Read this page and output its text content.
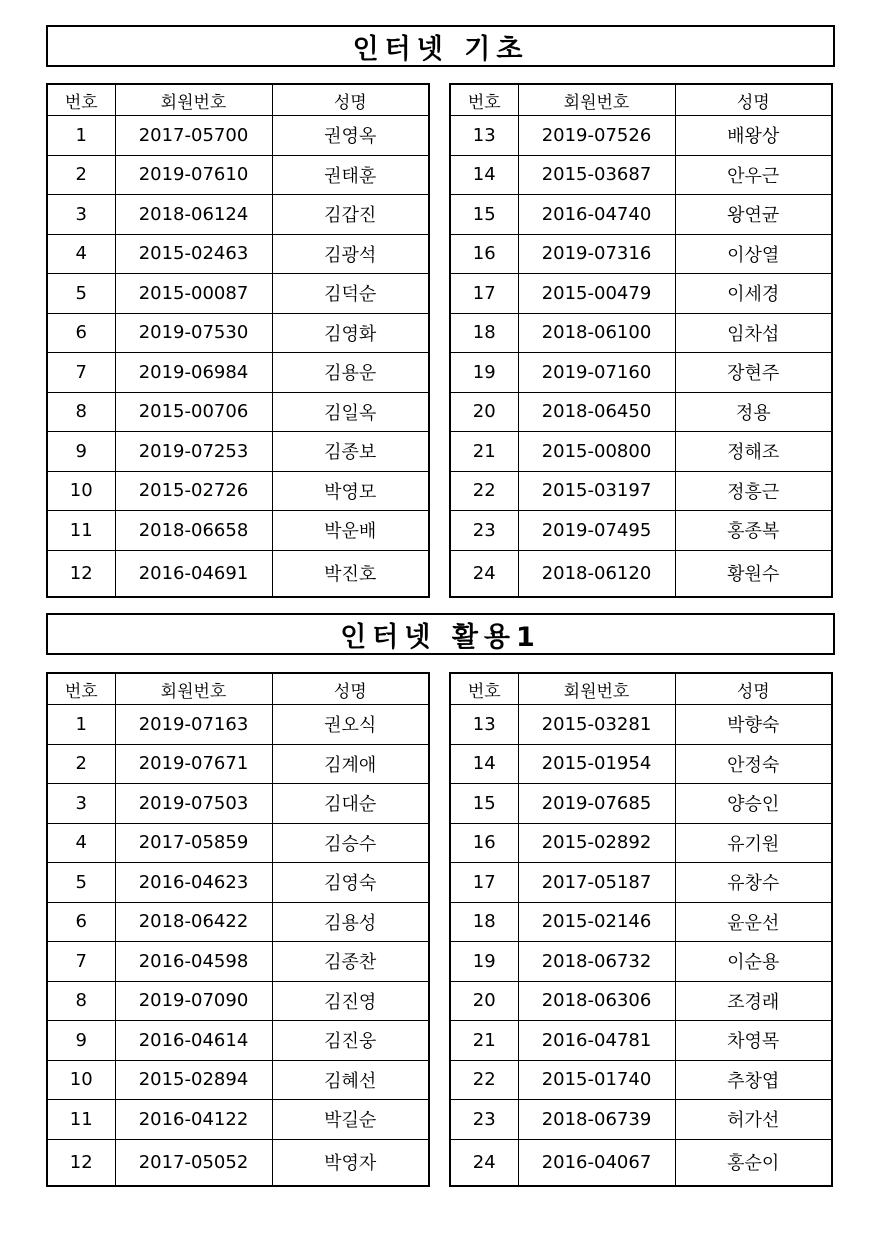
인터넷 기초
번호	회원번호	성명
1	2017-05700	권영옥
2	2019-07610	권태훈
3	2018-06124	김갑진
4	2015-02463	김광석
5	2015-00087	김덕순
6	2019-07530	김영화
7	2019-06984	김용운
8	2015-00706	김일옥
9	2019-07253	김종보
10	2015-02726	박영모
11	2018-06658	박운배
12	2016-04691	박진호
번호	회원번호	성명
13	2019-07526	배왕상
14	2015-03687	안우근
15	2016-04740	왕연균
16	2019-07316	이상열
17	2015-00479	이세경
18	2018-06100	임차섭
19	2019-07160	장현주
20	2018-06450	정용
21	2015-00800	정해조
22	2015-03197	정흥근
23	2019-07495	홍종복
24	2018-06120	황원수
인터넷 활용1
번호	회원번호	성명
1	2019-07163	권오식
2	2019-07671	김계애
3	2019-07503	김대순
4	2017-05859	김승수
5	2016-04623	김영숙
6	2018-06422	김용성
7	2016-04598	김종찬
8	2019-07090	김진영
9	2016-04614	김진웅
10	2015-02894	김혜선
11	2016-04122	박길순
12	2017-05052	박영자
번호	회원번호	성명
13	2015-03281	박향숙
14	2015-01954	안정숙
15	2019-07685	양승인
16	2015-02892	유기원
17	2017-05187	유창수
18	2015-02146	윤운선
19	2018-06732	이순용
20	2018-06306	조경래
21	2016-04781	차영목
22	2015-01740	추창엽
23	2018-06739	허가선
24	2016-04067	홍순이
